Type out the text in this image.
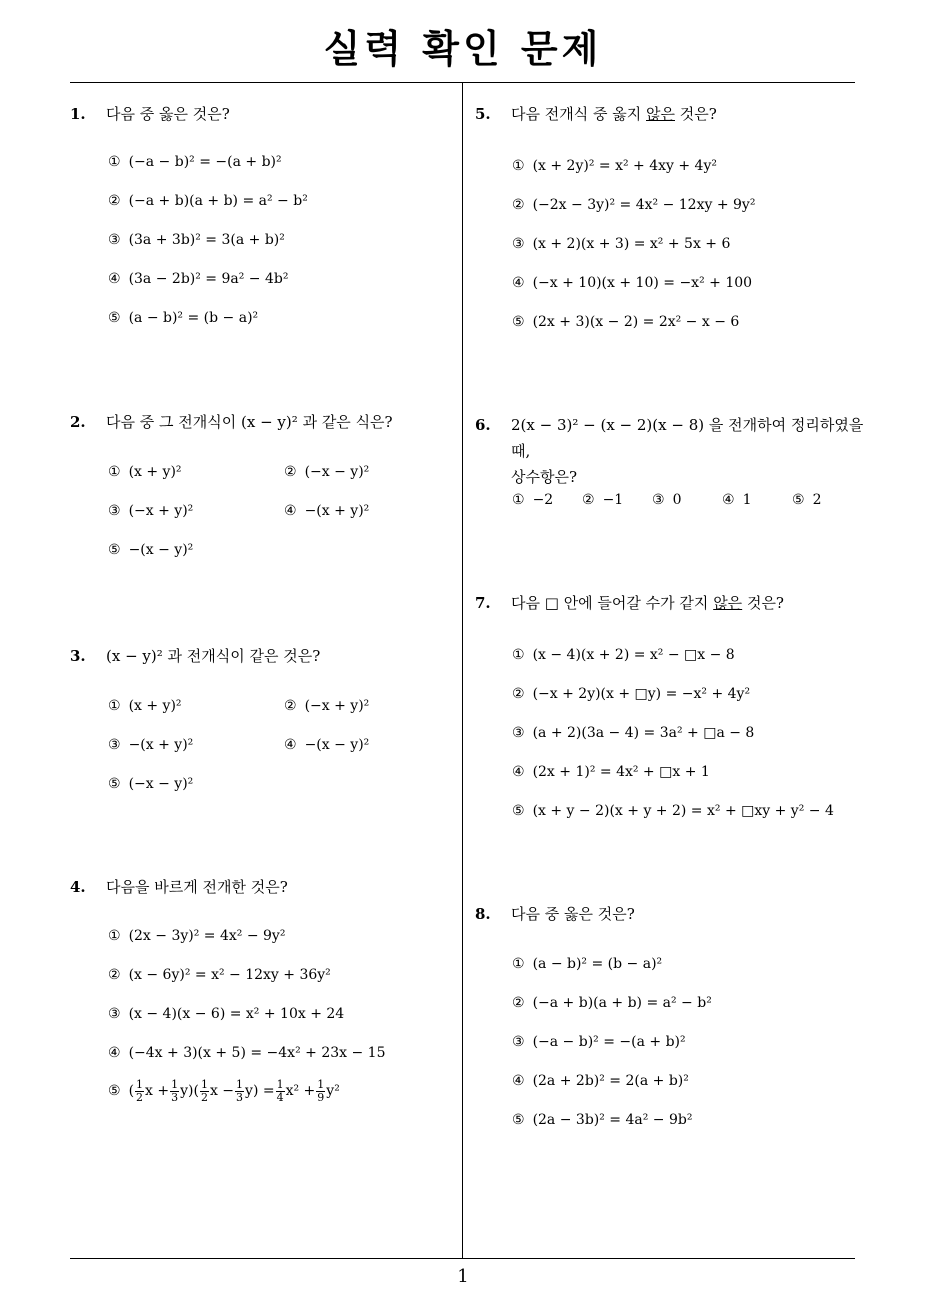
실력 확인 문제
1
1. 다음 중 옳은 것은?
① (−a − b)² = −(a + b)²
② (−a + b)(a + b) = a² − b²
③ (3a + 3b)² = 3(a + b)²
④ (3a − 2b)² = 9a² − 4b²
⑤ (a − b)² = (b − a)²
2. 다음 중 그 전개식이 (x − y)² 과 같은 식은?
① (x + y)²	② (−x − y)²
③ (−x + y)²	④ −(x + y)²
⑤ −(x − y)²
3. (x − y)² 과 전개식이 같은 것은?
① (x + y)²	② (−x + y)²
③ −(x + y)²	④ −(x − y)²
⑤ (−x − y)²
4. 다음을 바르게 전개한 것은?
① (2x − 3y)² = 4x² − 9y²
② (x − 6y)² = x² − 12xy + 36y²
③ (x − 4)(x − 6) = x² + 10x + 24
④ (−4x + 3)(x + 5) = −4x² + 23x − 15
⑤ ( $\frac{1}{2}$ $x + \frac{1}{3} y)( \frac{1}{2}$ $x - \frac{1}{3} y) = \frac{1}{4} x^2 + \frac{1}{9} y^2$
5. 다음 전개식 중 옳지 않은 것은?
① (x + 2y)² = x² + 4xy + 4y²
② (−2x − 3y)² = 4x² − 12xy + 9y²
③ (x + 2)(x + 3) = x² + 5x + 6
④ (−x + 10)(x + 10) = −x² + 100
⑤ (2x + 3)(x − 2) = 2x² − x − 6
6. 2(x − 3)² − (x − 2)(x − 8) 을 전개하여 정리하였을 때,
상수항은?
① −2 ② −1 ③ 0	④ 1	⑤ 2
7. 다음 □ 안에 들어갈 수가 같지 않은 것은?
① (x − 4)(x + 2) = x² − □x − 8
② (−x + 2y)(x + □y) = −x² + 4y²
③ (a + 2)(3a − 4) = 3a² + □a − 8
④ (2x + 1)² = 4x² + □x + 1
⑤ (x + y − 2)(x + y + 2) = x² + □xy + y² − 4
8. 다음 중 옳은 것은?
① (a − b)² = (b − a)²
② (−a + b)(a + b) = a² − b²
③ (−a − b)² = −(a + b)²
④ (2a + 2b)² = 2(a + b)²
⑤ (2a − 3b)² = 4a² − 9b²
